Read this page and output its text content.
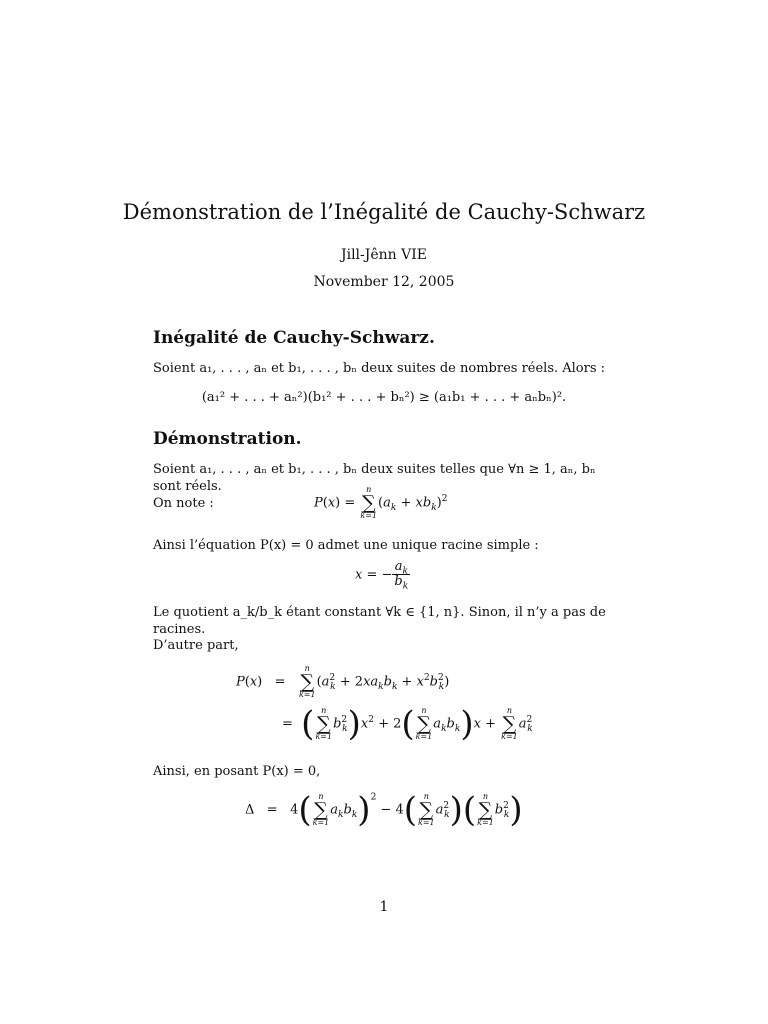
Démonstration de l’Inégalité de Cauchy-Schwarz
Jill-Jênn VIE
November 12, 2005
Inégalité de Cauchy-Schwarz.
Soient a₁, . . . , aₙ et b₁, . . . , bₙ deux suites de nombres réels. Alors :
(a₁² + . . . + aₙ²)(b₁² + . . . + bₙ²) ≥ (a₁b₁ + . . . + aₙbₙ)².
Démonstration.
Soient a₁, . . . , aₙ et b₁, . . . , bₙ deux suites telles que ∀n ≥ 1, aₙ, bₙ sont réels.
On note :	P(x) =
n
∑
k=1
$(a_k + xb_k)^2$
Ainsi l’équation P(x) = 0 admet une unique racine simple :
x = − $\frac{a_k}{b_k}$
Le quotient a_k/b_k étant constant ∀k ∈ {1, n}. Sinon, il n’y a pas de racines.
D’autre part,
P(x)   =
n
∑
k=1
$(a^2_k + 2xa_kb_k + x^2b^2_k)$
=  ( n
∑
k=1
$b^2_k)x^2 + 2$( n
∑
k=1
$a_kb_k)x$ +
n
∑
k=1
$a^2_k$
Ainsi, en posant P(x) = 0,
Δ   =   4( n
∑
k=1
$a_kb_k)^2 - 4$( n
∑
k=1
$a^2_k$)( n
∑
k=1
$b^2_k$)
1
